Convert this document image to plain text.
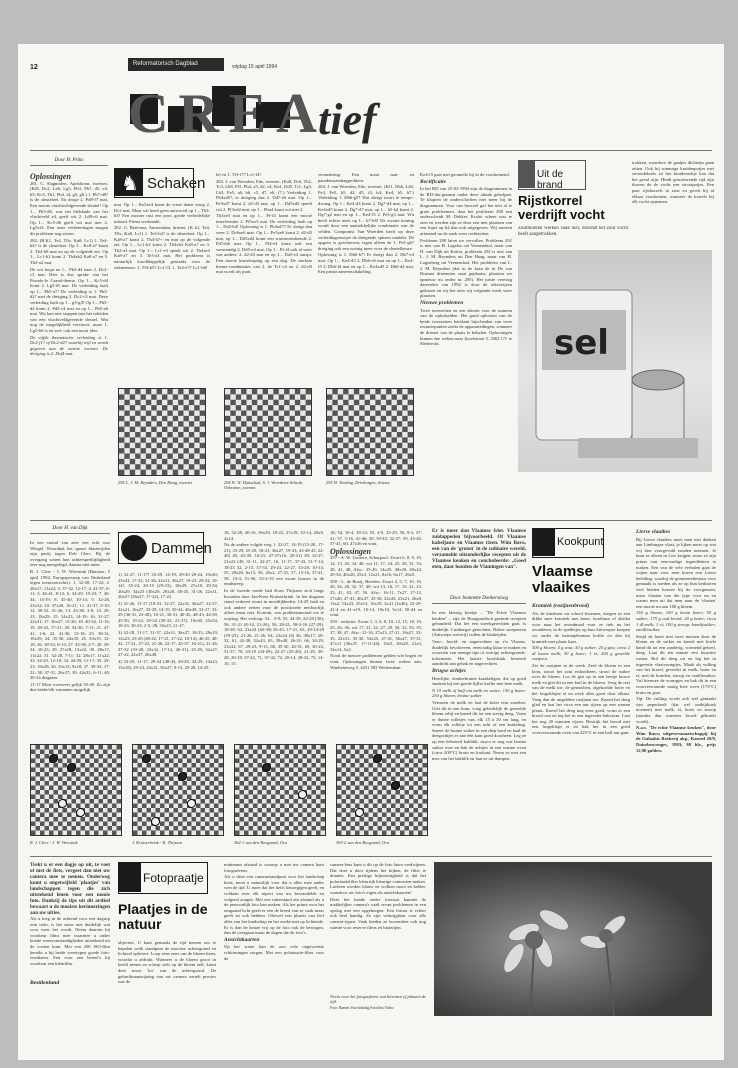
12	Reformatorisch Dagblad	vrijdag 15 april 1994
CREA
tief
Door H. Prins
Oplossingen

281. C. Slagmolen, Apeldoorn, tweezet. (Kf8, Dc2, Le6, Lg5, Pb3, Pb7, d5, e4, h5; Kc5, Tb1, Pb4, f4, g5, g6.) 1. Pb7-d8? is de sleutelzet. En droge 2. Pd8-f7 mat. Een mooie vluchtveldgevende sleutel! Op 1... Pb5-d6, wat ten blokkade van het vluchtveld e4, geeft wit 2. Ld8-c6 mat. Op 1... Kc5-d6 geeft wit mat met 2. Lg5xf4. Een serie verbeteringen mogen dit probleem nog sieren.

282. (B.K1, Te4, T0x, Ka8, Lc1) 1. Te4-h4? is de sleutelzet. Op 1... Kc8-a7 komt 2. Th4-h8 mat en op de volgende zet. Op 1... Lc1-b2 komt 2. Th4xb2 Ka8-a7 en 3. Tb2-a2 mat.

De wit loopt na 1... Pb3-d4 naar 2. Dc2-c3 mat. Hier is dus sprake van het Pseudo-le Grand-thema. Op 1... Kc5-d4 komt 2. Lg5-f6 mat. De verleiding faalt op 1... Pb5-a7! De verleiding is 1. Pb3-d2? met de dreiging 2. Dc2-c3 mat. Deze verleiding faalt op 1... g5-g4! Op 1... Pb5-d4 komt 2. Pd2-c4 mat en op 1... Pb5-a6 mat. Wit kan niet stoppen met het inleiden van een vluchtveldgevende sleutel. Wat nog de mogelijkheid verstoort, maar 1. Lg5-h6 is en wel; ook een mooi idee.

De vijfde thematische verleiding is 1. Dc2-f1? of Dc2-d2? waarbij wijl en wordt gegeven aan de zwarte voorzet. De dreiging is 2. Dxf4 mat.

♞ Schaken

mat. Op 1... Ke5xe4 komt de wiste dame terug 2. Dc2 mat. Maar wit heeft geen antwoord op 1... Tb3-b3! Een mooier rust een poos goede verleidelijke inhoud. Prima werkmakl.

282. G. Boersma, Amsterdam, driezet. (K b1, Te4, T0x; Ka8, Lc1) 1. Te4-h4? is de sleutelzet. Op 1... Ka8-a7 komt 2. Th4-h7+ en mat op de volgende zet. Op 1... Lc1-b2 komt 2. Th4xb2 Ka8-a7 en 3. Tb2-a3 mat. Op 1... Lc1-e3 speelt wit 2. Th4xe3 Ka8-a7 en 3. Te3-a3 mat. Het probleem is natuurlijk koodklappelijk gemaakt voor de vakmensen: 1. Tf3-h5? Lc1-f3, 1. Te4-e7? Lc1-h6!

lel en 1. Tf3-f7? Lc1-f4!

283. J. van Woerden, Ede, tweezet. (Ka8, Dc6, Th2, Tc3, Lh8, Pf3, Pb4, a3, d2, e4; Ke4, Dd5, Tc1, Lg3, Lh3, Pe5, a6, b6, c5, d7, e6, f7.) Verleiding 1. Pb4xd5?, te dreiging dus 2. Dd7-e6 mat. Op 1... Pe5xd7 komt 2. d2-d3 mat, op 1... Dd5xd2 speelt wit 2. Pf3xd2 mat, op 1... Pbu4 komt wit met 2.

Th3xe5 mat en op 1... Pf-f4 komt een mooie interferentie 2. Pf5xe3 mat. De verleiding faalt op 1... Da5-b4! Oplossing is 1. Pb4xd7? Er dreigt dan weer 2. Dc6xe6 mat. Op 1... Pe5xe6 komt 2. d2-d3 mat, op 1... Dd5xd2 komt een warmwendoende 2. Pd7xb6 mat. Op 1... Pf4-e4 komt ook een vanwendig 2. Dd5-e4 mat. Op 1... Pf-f4 ook al weer wat anders: 2. d2-d3 mat en op 1... Da5-e4 ontspr. Een mooie kruislooping op een dag. De sterkste thema-combinaties van 2. de Tc1-c4 en 2. d2-d3 mat wordt als punt.

verandering. Een mooi mat- en parademrandiagproblem.

284. J. van Woerden, Ede, tweezet. (Kf1, Db6, Ld4, Pe3, Pe5, h5, d2, d5, f4, h4; Ke4, h5, h7.) Verleiding 1. Db6-g5? Wat dreigt zwart te tempo-dwang. Op 1... Ke4-d3 komt 2. Dg7-d4 mat, op 1... Ke4xd5 komt 2. Dg7-d7 mat, op 1... h5-h4 komt 2. Dg7-g2 mat en op 1... Ke4-f5 2. Pe3-g3 mat. Wit heeft echter niets op 1... h7-h6! De zwarte koning wordt door een aantrekkelijke combinatie van de velden. Componist Van Woerden heeft op deze verleidingenwijze de dreigende spitsen ontdekt. De opgave is geschreven, tegen alleen de 1. Pe5-g6? dreiging ook een weinig meer voor de sleutelkeuze.

Oplossing is 1. Db6-b7! Er dreigt dan 2. Db7-e4 mat. Op 1... Ke4-d3 2. Db6-e6 mat en op 1... Ke4-f5 2. Db6-f4 mat en op 1... Ke4xd5 2. Db6-d4 mat. Een prima aaneenschakeling.

Ke4-f5 gaat met geranefte bij in de voorkomend.

Rectificatie

In het RD van 25-03-1994 zijn de diagrammen in de RD-dia-gramsn onder deze aftaak geholpen. Te klopten de onderschriften niet meer bij de diagrammen. Voor ons hoorzel gaf het niet al te grote probleemen, daar het probleem 290 een onderscheidt M. Dekker, Kralot scheet was te zien en werden zijn ze door een niet plaatsen van een loper op b2 dan ook uitgegeven. Wij moeten uiteraard nu de zaak weer rechtzetten.

Probleem 290 laten we vervallen. Probleem 291 is niet van H. Lageloo uit Veenendaal, maar van H. van Dijk uit Kralot, probleem 292 is niet van L. J. M. Reynders uit Den Haag, maar van H. Lagenberg uit Veenendaal. Het probleem van L. J. M. Reynders (dat in de kran de in De van Boatma drieentien staat geplaatst, plaatsen we opnieuw nu onder nr. 295). Het juiste vereisig dateerden van 1992 is door de tekstwijzen gekozen en wij het zien wij volgende week weer plaatsen.

Nieuwe problemen

Twee tweezetten en een driezet voor de ruimten van de oplosbalden. Het goed oplossen van de beide tweezetten betekent bijscheiden van twee zwaartepunten zodra de apparatiedingen, wanneer de driezet van de plaats te behalen. Oplossingen binnen éne weken naar Ijsselstraat 3, 3363 CV te Sliedrecht.

295 L. J. M. Reynders, Den Haag, tweezet	294 W. W. Djatschuk, S. J. Woerdens-Schrab, Oekraïne, tweezet.
295 H. Tiesling, Drieborgen, driezet.
Uit de brand
Rijstkorrel verdrijft vocht
Zoutmoeren werken vaak niet, doordat het zout vocht heeft aangetrokken.
trokken, waardoor de gaatjes dichtzijn gaan zitten. Ook bij sommige kruidenpotjes met strooideksels zit het kruidenrekje kan dat het geval zijn. Hindt gesuiverende tijd zijn thoven de de vocht een strooipotjes. Een paar rijstkorrels in zout en groeit bij al elkaar voorkomen, wanneer de korrels bij elk vocht opnemen.
sel
Door H. van Dijk

In een strand van zeer een echt was Wiegel. Woordink het speurt blasterijden zijn partij tegen Rob Clerc. Bij de overgang waren hun achterspeeltijdigheid zeer nog meegelegd, daarna niet meer.

R. J. Clerc - J. W. Woestink (Huissen, 5 april 1994, Europapostrap van Nederland tegen toernooirechts). 1. 32-28, 17-22; 2. 28x17, 11x22; 3. 37-32, 12-17; 4. 41-37, 6-11; 5. 46-41, 8-12; 6. 34-29, 19-23; 7. 40-34, 14-19; 8. 45-40, 10-14; 9. 32-28, 23x32; 10. 37x28, 16-21; 11. 41-37, 5-10; 12. 38-32, 21-26; 13. 43-38, 3-8; 14. 29-23, 18x29; 15. 34x23, 14-18; 16. 31-27, 22x31; 17. 36x27, 13-20; 18. 40-34, 11-16; 19. 49-43, 17-21; 20. 34-30, 7-11; 21. 47-41, 1-6; 22. 41-36, 13-18; 23. 36-31, 18x29; 24. 35-30, 24x35; 25. 33x15, 12-18; 26. 38-33, 8-13; 27. 43-38, 2-7; 28. 39-34, 10-23; 29. 27x18, 13x22; 30. 28x17, 11x22; 31. 32-28, 7-11; 32. 28x17, 11x22; 33. 34-29, 12-18; 34. 44-39, 11-17; 35. 29-23, 19x28; 36. 33x15, 9x18; 37. 39-33, 17-22; 38. 37-31, 26x37; 39. 42x31, 6-11; 40. 30-24 diagram.

11-17 Moet overweer gelijk 35-40. Zo zijn dus beide/elk varianten mogelijk.

Dammen

1) 32-27, 11-17! 33-29, 14-19; 29-20 29-24, 19x30; 25x34, 17-21; 31-26, 22x31, 36x27, 19-23, 29-24, 10-14!, 35-24, 20-19 (29-23), 18x29, 27x18, 29-34, 20x29, 34x23 (30x29, 29x20, 40-45, 31-26, 22x31, 20x37 (36x27, 17-22), 17-22.

2) 31-26, 11-17 (18-23, 32-27, 22x31, 36x27, 22-27, 32x21, 16x27, 33-29, 14-19, 50-44, 40x49, 32-27, 33-29 (36-31, 23-28), 16-21, 36-31, 40-45, 48-43, 44-39, 45-50, 19-24, 29-24 (39-33, 21-27), 19x30, 25x34, 18-23, 30-23, 2-5, 28, 35x23, 21-27.

3) 32-28, 11-17, 31-37, 22x31, 36x27, 18-23, 28x19, 14x23, 25-20 (48-42, 17-21, 27-22, 10-14), 46-45, 48-42, 17-21, 27-22, 21-26, 22-17, 45-37, 16-21), 21-26, 37-32 (33-28, 23x32, 17-12, 26-31), 25-29, 32x27, 27-22, 22x37, 26x48.

4) 33-29, 11-17, 29-24 (48-43, 40-45, 34-29, 14x23, 13x18), 29-23, 22x31, 36x27, 9-13, 25-20, 14-25.

18, 32-28, 40-16, 50x39, 18-22, 27x18, 10-14, 20x9, 4x14.

Na de andere volgde weg 1. 32-27, 14-19 (15-20, 17-21), 33-29, 25-29, 18-23, 36x27, 19-23; 43-48 43, 22-26) 40, 43-39, 16-21; 47-27x16, 20-31) 38, 32-27, 21x22 (49, 31-11, 22-27, 16, 11-17, 37-33, 51-7-14, 18-23 32, 2-15, 37-33, 29-24, 22-27, 33-28, 10-14, 55, 29x20, 6x13, 56, 26x2, 27-31, 57, 15-16, 37-41, 58, 10-4, 51-56, 55-2-19 een zwart houses in de eindstreep.

In de tweede ronde had Koos Thijssen zich langs kwarden door Jan-Kees Kruiserbrink. In het diagram stand verkeert zwart in moeilijkheden. 14-29 faalt en ook andere zetten voor de positionele netdoorlijk afleer maar niet. Kortom, van problemateriaal toe te wijzing. Het verloop: 54... 9-9; 55, 44-39, 22-28 (30); 56, 31-21 (8-14, 21-26), 56, 28-21, 58-2-16 (27-29), 18-28: 62, 23x24 (40-39) 56-43, 17-21, 63, 29-14-29 (59-25), 21-26, 21-26, 64, 23x24 (4) 36, 39x17, 28-32, 61, 42-38, 32x43, 65, 39x48, 26-31; 66, 34-29, 23x32, 67, 29-23, 9-13, 68, 35-30, 26-31, 69, 30-24, 31-37, 70, 24-19 (34-29), 22-27 (25-20), 21-29, 30-28, 20-18, 37-42, 71, 37-42, 72, 20-14, 28-32, 73, 14-10, 15.

18; 54, 10-4, 18-23; 55, 4-9, 23-29; 56, 9-3, 37-41; 57, 3-16, 41-46; 58, 39-43, 32-37; 59, 43-48, 37-41; 60, 47x36 en wint.

Oplossingen

357 - A. W. Uwaere, Scharpool. Zwart 6, 8, 9, 10, 12, 13, 26, 34, 40; wit 11, 17, 24, 25, 28, 31, 33, 38, 41, 48, Afw.: 25-20, 14x25, 40x29, 20x24, 29-34, 40x20, 25x3, 12x21, 8x16, 6x17, 26x5.

358 - L. de Rooij, Heerlen. Zwart 4, 5, 7, 10, 16, 20, 26, 28, 32, 37, 40; wit 13, 16, 17, 19, 21, 23, 25, 41, 43, 47, 50. Afw.: 16-11, 7x27, 17-12, 27x40, 47-41, 40x37, 43-38, 32x43, 23x21, 26x8, 13x2, 14x23, 25x14, 10x19, 2x41 (2x46); 23-29-41-4 en 41-x19, 10-14, 19x10, 5x14, 50-44 en wint.

359 - redactie. Zwart 1, 3, 6, 8, 10, 12, 15, 18, 19, 25, 26, 36; wit 17, 21, 22, 27, 29, 30, 32, 33, 35, 37, 38, 47. Afw.: 21-16, 27x23, 27-21, 18x27, 33-35, 22x31, 35-30, 54x25, 47-41, 36x47, 37-31, 47x11 (36x47, 17-11-44), 16x5, 30x28, 21x3, 34x14, 5x2.

Nooit de nieuwe problemen gelden wie begen en wint. Oplossingen binnen twee weken aan: Wanheneweg 5, 4251 ND Werkendam.

R. J. Clerc - J. W. Woestink	J. Kruiserbrink - K. Thijssen	362-1 van den Boogaard, Ora	363-2 van den Boogaard, Ora
Er is meer dan Vlaamse friet. Vlaamse zuidappeden bijvoorbeeld. Of Vlaamse kabeljauw en Vlaamse rizen. Wim Bavo, een van de 'groten' in de culinaire wereld, verzamelde uitzonderlijke recepten uit de Vlaamse keuken en concludeerde: „Goed eten, daar houden de Vlamingen van".
Door Jeannette Donkersloog

In een kleurig boekje – "De Echte Vlaamse keuken" – zijn de Bourgondisch gezinde recepten gebundeld. Dat het een streekgerechten gaat, is duidelijk: Limburgse gerechten, Bokse stoepoeren (Antwerps stoverij) vullen de bladzijden.

Voor-, hoofd- en nagerechten op z'n Vlaams, duidelijk beschreven, eenvoudig klaar te maken en voorzien van menige tips of overige achtergronds-informatie. Het laatste hoofdstuk besteedt aandacht aan gebak en nagerechten.

Brugse achtjes

Heerlijke, donkerbruine kraakeligen, die op goed smaken bij een goede lijflse koffie met hete melk.

N 10 melk of half om melk en water; 150 g boter; 250 g bloem; bruine suiker

Vermeen de melk en laat de boter erin smelten. Giet dit in een kom, voeg geleidelijk de gezeefde bloem erbij en kneed dit tot een stevig deeg. Vorm er dunne rolletjes van, elk 15 à 20 cm lang, en vorm elk rolletje tot een acht of een krakeling. Smeer de bruine suiker in een diep bord en haal de deegachtjes er aan één kant goed doorheen. Leg ze op een beboterd bakblik, strooi er nog wat bruine suiker over en bak de achtjes in een warme oven (circa 200°C) bruin en krokant. Neem ze met een mes van het bakblik en laat ze uit-dampen.

Kookpunt
Vlaamse vlaaikes
Kramiek (rozijnenbrood)

Als de kinderen uit school kwamen, kregen ze een dikke snee kramiek met boter, konfituur of alstdat voor naar het avondmaal voor ze trek na het avondeten, in de spelletjes op hun Antwerpse koepen we onder de kastanjebomen koffie en dan bij kramiek met plaats kaas.

500 g bloem; 5 g zout; 50 g suiker; 25 g gist; circa 2 dl lauwe melk; 50 g boter; 1 ei; 200 g gewelde rozijnen.

Zet de rozijnen in de week. Zeef de bloem in een kom, strooi het zout erdoorheen, strooi de suiker over de bloem. Los de gist op in een beetje lauwe melk en giet dit in een kuil in de bloem. Voeg de rest van de melk toe, de gesmolten, afgekoelde boter en het losgeklopte ei en werk alles goed door elkaar. Voeg dan de uitgelekte rozijnen toe. Kneed het deeg glad en laat het circa een uur rijzen op een warme plaats. Kneed het deeg nog eens goed, vorm er een brood van en leg het in een ingevette bakvorm. Laat het nog 20 minuten rijzen. Bestrijk het brood met een losgeklopt ei en bak het in een goed voorverwarmde oven van 225°C in een half uur gaar.

Lierse vlaaikes

Bij Lierse vlaaikes moet men niet denken aan Limburgse vlaai, je lijken meer op wat wij hier voorgevuld zouden noemen. Je kunt ze alleen in Lier krijgen, maar ze zijn prima van eenvoudige ingrediënten te maken. Een van de vele verhalen gaat de wijten naar voor men kozen een Lierse beleding, waarbij de gemeentebestuur voor gemaakt is sneden als ze op hun kerktoren veel bieden hoezee bij de voorgeuzen, maar vlaaien van die type voor nu en warmt men uit dat men naar de 'vlaaien' een mooie nu aan 100 g bloem.

150 g bloem; 100 g bruin boter; 50 g suiker; 175 g oud brood; 20 g boter; circa 1 dl melk; 1 ei; 100 g stroop; kandijsuiker; vanillesuiker.

Strijd de boter met twee messen door de bloem en de suiker en kneed met koele hand dit tot een zanderig, vormend geheel, deeg. Laat dit ten minste een kwartier rusten. Rol dit deeg uit en leg het in ingevette vlaaivormpjes. Maak als vulling van het brood, geweekt in melk, boter en ei, met de kruiden, stroop en vanillesuiker. Vul hiermee de vormpjes en bak dit in een voorverwarmde matig hete oven (175°C) bruin en gaar.

Tip: De vulling wordt ook wel gemaakt van peperkoek (dat wel ontbijtkoek noemen) met melk, ei, boter en stroop (minder dan wanneer brood gebruikt wordt).

N.a.v. "De echte Vlaamse keuken", door Wim Bavo; uitgeversmaatschappij bij de Gulaahts Boekerij abg., Kasteel 20/8, Duiselenweuges, 1993; 80 blz., prijs 12,90 gulden.

Trekt u er een dagje op uit, te voet of met de fiets, vergeet dan niet uw camera mee te nemen. Onderweg komt u ongetwijfeld 'plaatjes' van landschappen tegen die zich uitstekend lenen voor een mooie foto. Dankzij de tips uit dit artikel bewaart u de mooiste herinneringen aan uw uitjes.

Als u toeg in de achtend voor een dagtrip erin trekt, is het soms niet duidelijk wat voor weer het wordt. Neem daarom bij voorkeur films mee waarmee u onder bonde weersomstandigheden uitstekend uit de voeten kunt. Met een 200 ISO-film bereikt u bij beide weertypen goede foto-resultaten. Een voor een betere's bij voorkeur een kleinfilm.

Bestilenlund
Fotopraatje
Plaatjes in de natuur
objecten. U kunt gemaakt de tijd nemen om te bepalen welk standpunt de mooiste achtergrond en lichtval oplevert. Loop eens eens om de bloem heen, voordat u afdrukt. Wanneer u de bloem groot in beeld neemt en scherp stelt op de bloem zelf, komt deze mooi 'los' van de achtergrond. De gebruiksaanwijzing van uw camera vertelt precies wat de

minimum afstand is waarop u met uw camera kunt fotograferen.

Als u deze een camerastandpunt voor het landschap kiest, moet u natuurlijk voor dat u alles mee ander wen de tijd. U moet dat het liefst keuzegigen geeft, en voldaan over elk aspect van uw bewandelde en volgend zorgen. Met een ruiterstand zin afstand als u de persoonlijk foto kan maken. Als het prima voor het omgaand licht geeft er een de breed van ze vaak maar geeft en ook hebben. Oftewel een plaatst van leef alles van het landschap en het zoeke met op lichtende. Er is dan de keuze vrij op de foto ook de bewogen, dan de overgaan naast de dagen die de foto's.

Ansichtkaarten

Op het water kan de zon vele ongewenste schitteringen zorgen. Met een polarisatie-filter voor de

camera-lens kunt u dit op de foto laten verdwijnen. Dat doet u door tijdens het kijken, de filter te draaien. Een prettige bijkomstigheid is dat het polarisatiefilter kleurrijk kleurige contrasten maken. Luchten worden blauw en wolken mooi en helder, waardoor uw foto's eigen als ansichtkaarten!

Deze het hande onder formaat kunnen de makkelijker camera's vaak ervan problemen in een opslag met een opgeborgen. Een fotoas is echter ook heel handig. Ze zijn verkrijgbaar voor alle camera-typen. Vaak bieden ze bovendien ook nog ruimte voor reserve films en batterijen.

Neem voor het fotograferen van bloemen of planten de tijd.
Foto: Barnes Voorlichting Fotofilm Video
